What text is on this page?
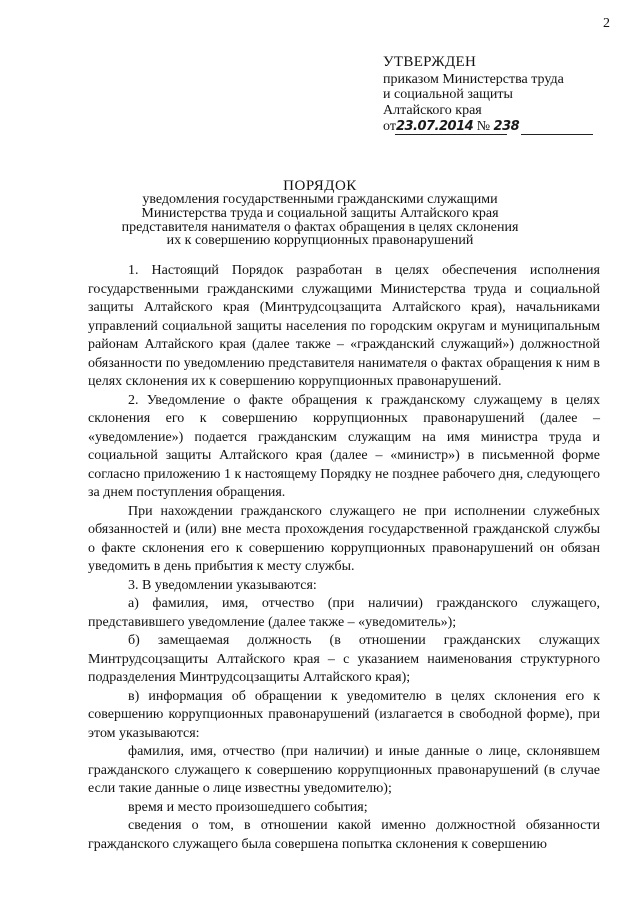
2
УТВЕРЖДЕН
приказом Министерства труда
и социальной защиты
Алтайского края
от23.07.2014 № 238
ПОРЯДОК
уведомления государственными гражданскими служащими Министерства труда и социальной защиты Алтайского края представителя нанимателя о фактах обращения в целях склонения их к совершению коррупционных правонарушений

1. Настоящий Порядок разработан в целях обеспечения исполнения государственными гражданскими служащими Министерства труда и социальной защиты Алтайского края (Минтрудсоцзащита Алтайского края), начальниками управлений социальной защиты населения по городским округам и муниципальным районам Алтайского края (далее также – «гражданский служащий») должностной обязанности по уведомлению представителя нанимателя о фактах обращения к ним в целях склонения их к совершению коррупционных правонарушений.

2. Уведомление о факте обращения к гражданскому служащему в целях склонения его к совершению коррупционных правонарушений (далее – «уведомление») подается гражданским служащим на имя министра труда и социальной защиты Алтайского края (далее – «министр») в письменной форме согласно приложению 1 к настоящему Порядку не позднее рабочего дня, следующего за днем поступления обращения.

При нахождении гражданского служащего не при исполнении служебных обязанностей и (или) вне места прохождения государственной гражданской службы о факте склонения его к совершению коррупционных правонарушений он обязан уведомить в день прибытия к месту службы.

3. В уведомлении указываются:

а) фамилия, имя, отчество (при наличии) гражданского служащего, представившего уведомление (далее также – «уведомитель»);

б) замещаемая должность (в отношении гражданских служащих Минтрудсоцзащиты Алтайского края – с указанием наименования структурного подразделения Минтрудсоцзащиты Алтайского края);

в) информация об обращении к уведомителю в целях склонения его к совершению коррупционных правонарушений (излагается в свободной форме), при этом указываются:

фамилия, имя, отчество (при наличии) и иные данные о лице, склонявшем гражданского служащего к совершению коррупционных правонарушений (в случае если такие данные о лице известны уведомителю);

время и место произошедшего события;

сведения о том, в отношении какой именно должностной обязанности гражданского служащего была совершена попытка склонения к совершению
